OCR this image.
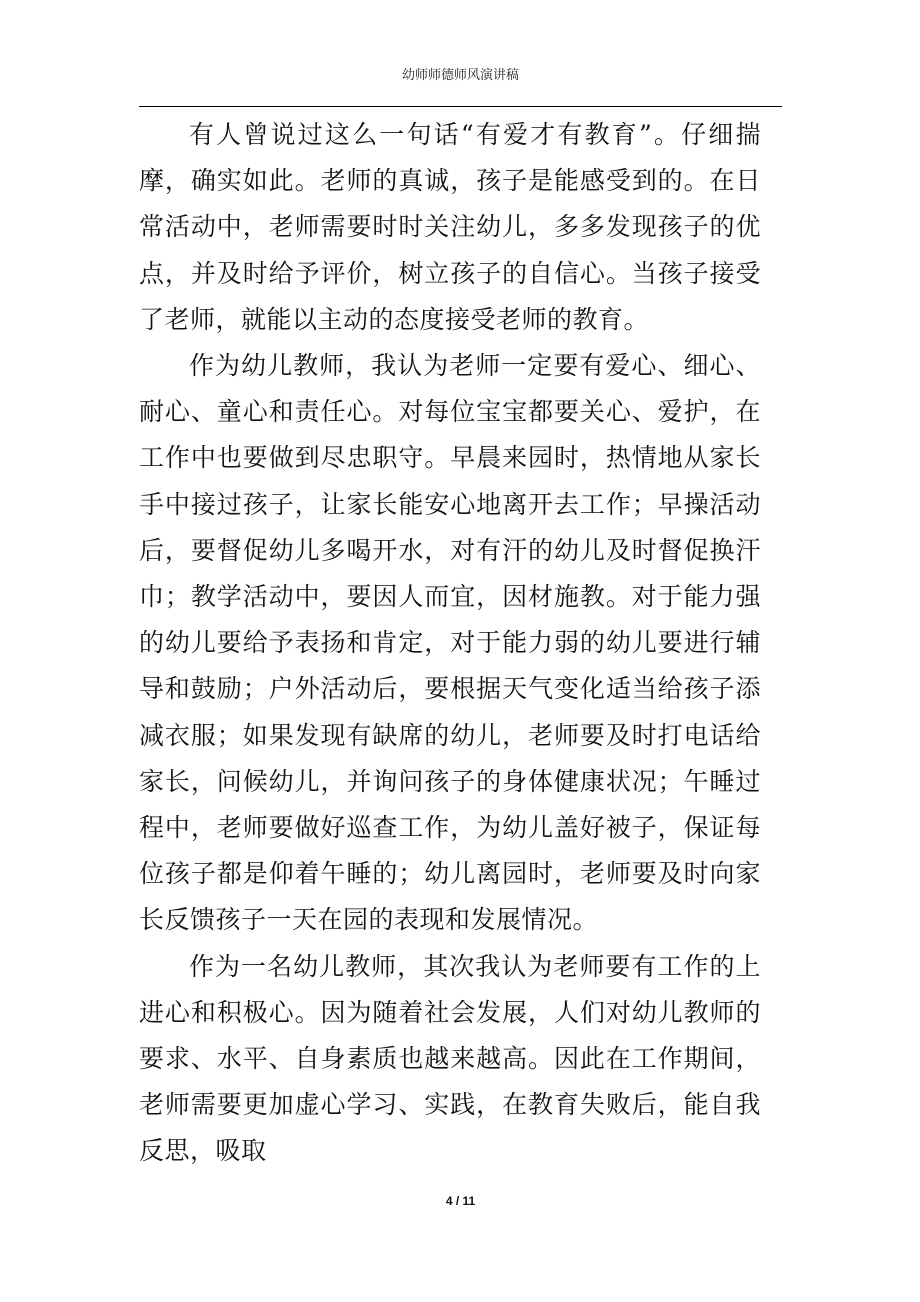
幼师师德师风演讲稿

有人曾说过这么一句话“有爱才有教育”。仔细揣摩，确实如此。老师的真诚，孩子是能感受到的。在日常活动中，老师需要时时关注幼儿，多多发现孩子的优点，并及时给予评价，树立孩子的自信心。当孩子接受了老师，就能以主动的态度接受老师的教育。

作为幼儿教师，我认为老师一定要有爱心、细心、耐心、童心和责任心。对每位宝宝都要关心、爱护，在工作中也要做到尽忠职守。早晨来园时，热情地从家长手中接过孩子，让家长能安心地离开去工作；早操活动后，要督促幼儿多喝开水，对有汗的幼儿及时督促换汗巾；教学活动中，要因人而宜，因材施教。对于能力强的幼儿要给予表扬和肯定，对于能力弱的幼儿要进行辅导和鼓励；户外活动后，要根据天气变化适当给孩子添减衣服；如果发现有缺席的幼儿，老师要及时打电话给家长，问候幼儿，并询问孩子的身体健康状况；午睡过程中，老师要做好巡查工作，为幼儿盖好被子，保证每位孩子都是仰着午睡的；幼儿离园时，老师要及时向家长反馈孩子一天在园的表现和发展情况。

作为一名幼儿教师，其次我认为老师要有工作的上进心和积极心。因为随着社会发展，人们对幼儿教师的要求、水平、自身素质也越来越高。因此在工作期间，老师需要更加虚心学习、实践，在教育失败后，能自我反思，吸取

4 / 11
